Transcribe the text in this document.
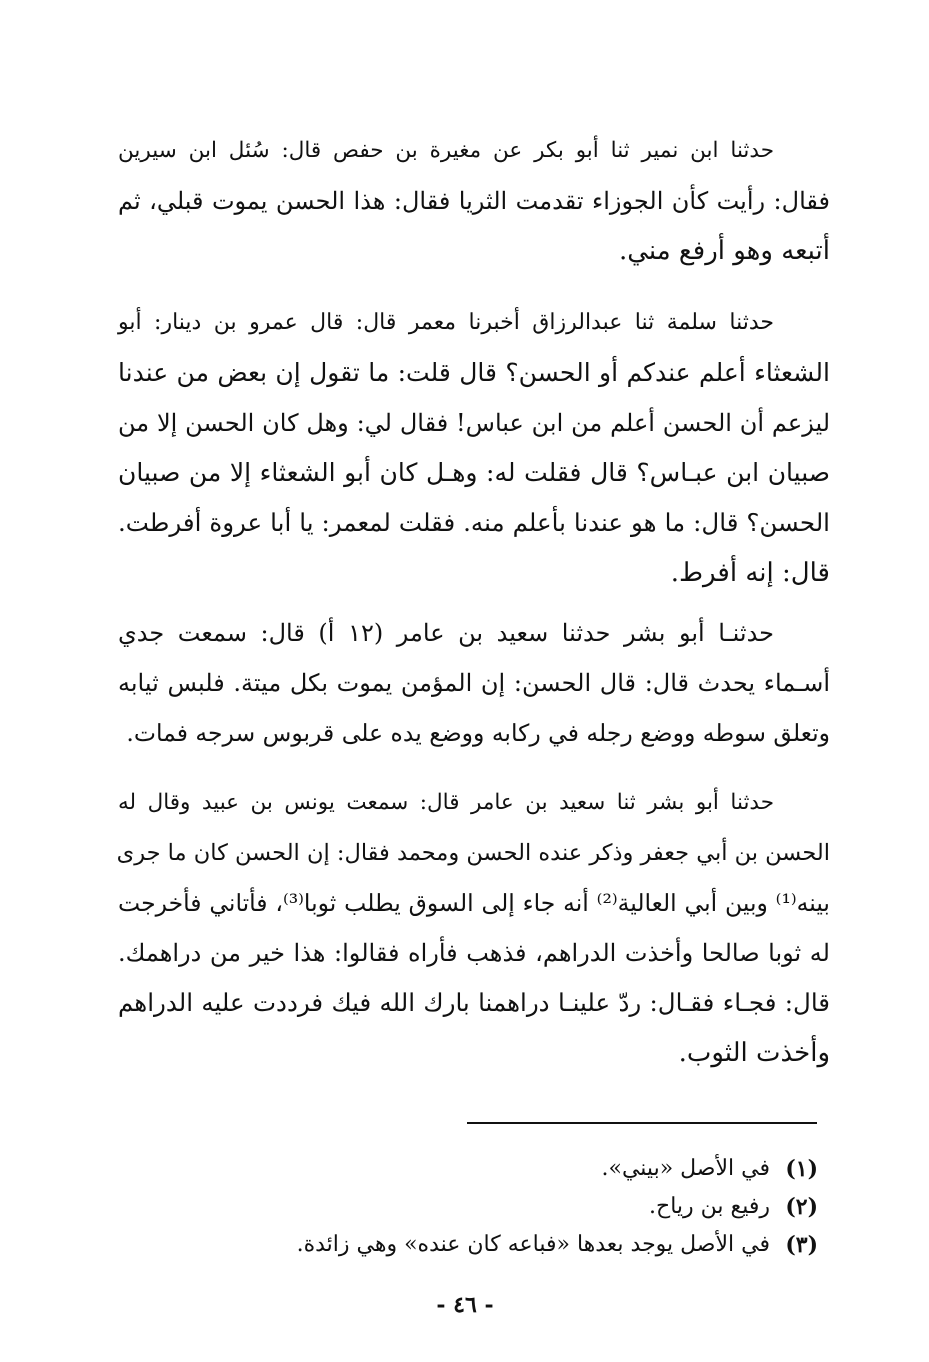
حدثنا ابن نمير ثنا أبو بكر عن مغيرة بن حفص قال: سُئل ابن سيرين
فقال: رأيت كأن الجوزاء تقدمت الثريا فقال: هذا الحسن يموت قبلي، ثم
أتبعه وهو أرفع مني.
حدثنا سلمة ثنا عبدالرزاق أخبرنا معمر قال: قال عمرو بن دينار: أبو
الشعثاء أعلم عندكم أو الحسن؟ قال قلت: ما تقول إن بعض من عندنا
ليزعم أن الحسن أعلم من ابن عباس! فقال لي: وهل كان الحسن إلا من
صبيان ابن عبـاس؟ قال فقلت له: وهـل كان أبو الشعثاء إلا من صبيان
الحسن؟ قال: ما هو عندنا بأعلم منه. فقلت لمعمر: يا أبا عروة أفرطت.
قال: إنه أفرط.
حدثنـا أبو بشر حدثنا سعيد بن عامر (١٢ أ) قال: سمعت جدي
أسـماء يحدث قال: قال الحسن: إن المؤمن يموت بكل ميتة. فلبس ثيابه
وتعلق سوطه ووضع رجله في ركابه ووضع يده على قربوس سرجه فمات.
حدثنا أبو بشر ثنا سعيد بن عامر قال: سمعت يونس بن عبيد وقال له
الحسن بن أبي جعفر وذكر عنده الحسن ومحمد فقال: إن الحسن كان ما جرى
بينه⁽¹⁾ وبين أبي العالية⁽²⁾ أنه جاء إلى السوق يطلب ثوبا⁽³⁾، فأتاني فأخرجت
له ثوبا صالحا وأخذت الدراهم، فذهب فأراه فقالوا: هذا خير من دراهمك.
قال: فجـاء فقـال: ردّ علينـا دراهمنا بارك الله فيك فرددت عليه الدراهم
وأخذت الثوب.
(١)
في الأصل «بيني».
(٢)
رفيع بن رياح.
(٣)
في الأصل يوجد بعدها «فباعه كان عنده» وهي زائدة.
- ٤٦ -
